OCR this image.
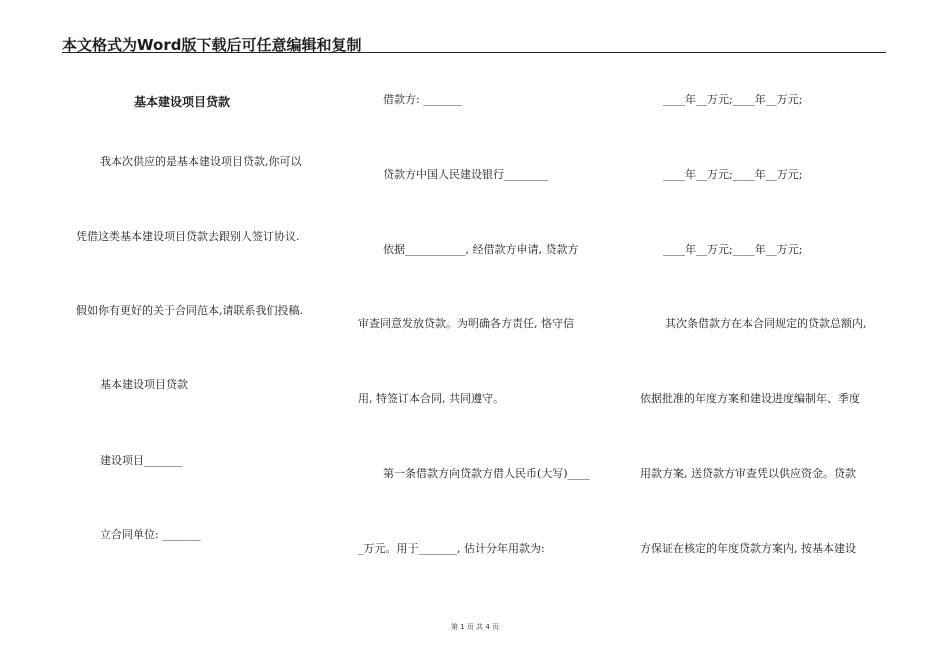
本文格式为Word版下载后可任意编辑和复制
基本建设项目贷款
我本次供应的是基本建设项目贷款,你可以
凭借这类基本建设项目贷款去跟别人签订协议.
假如你有更好的关于合同范本,请联系我们投稿.
基本建设项目贷款
建设项目_______
立合同单位: _______
借款方: _______
贷款方中国人民建设银行________
依据___________, 经借款方申请, 贷款方
审查同意发放贷款。为明确各方责任, 恪守信
用, 特签订本合同, 共同遵守。
第一条借款方向贷款方借人民币(大写)____
_万元。用于_______, 估计分年用款为:
____年__万元;____年__万元;
____年__万元;____年__万元;
____年__万元;____年__万元;
其次条借款方在本合同规定的贷款总额内,
依据批准的年度方案和建设进度编制年、季度
用款方案, 送贷款方审查凭以供应资金。贷款
方保证在核定的年度贷款方案内, 按基本建设
第 1 页 共 4 页
